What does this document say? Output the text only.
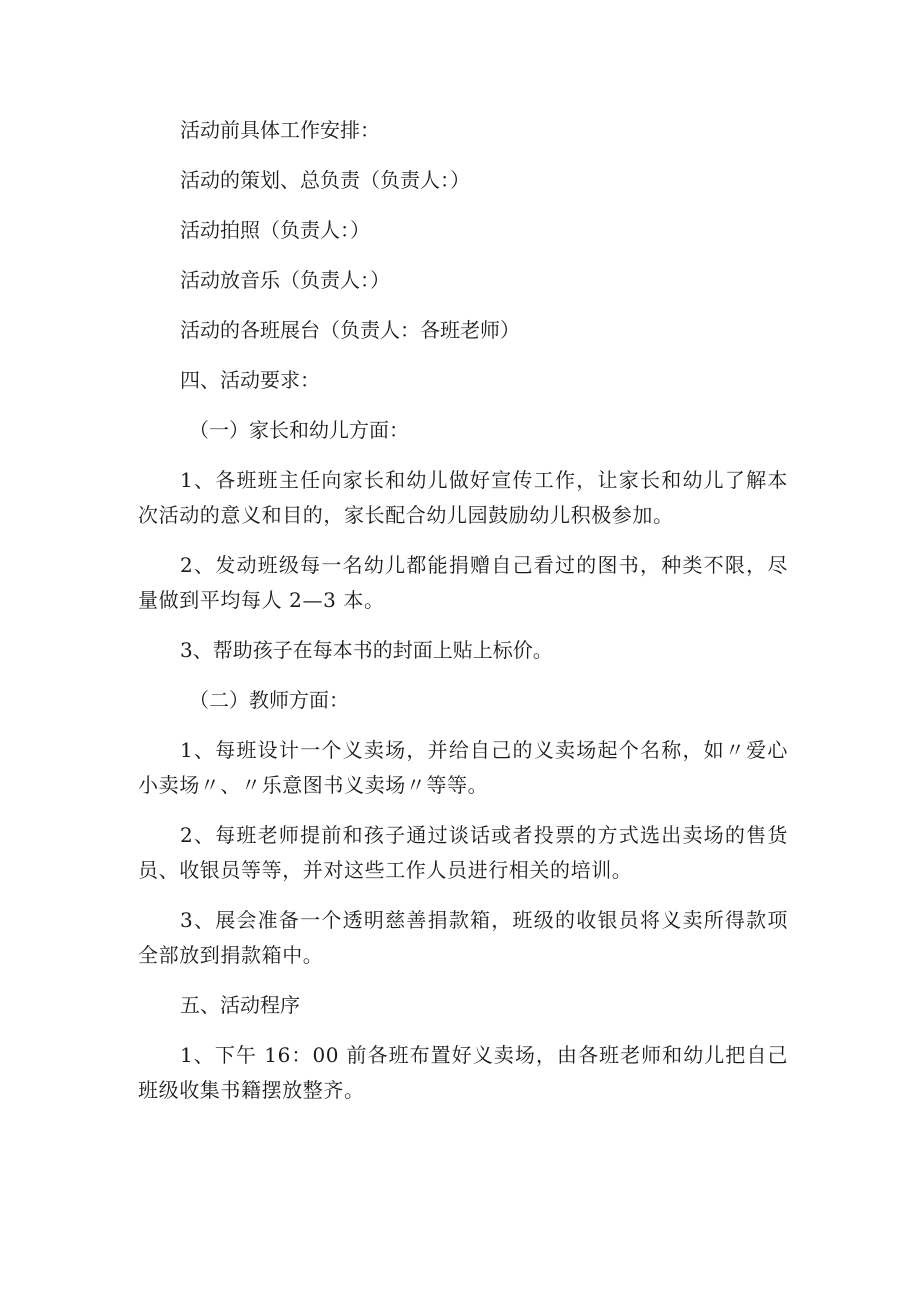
活动前具体工作安排：

活动的策划、总负责（负责人：）

活动拍照（负责人：）

活动放音乐（负责人：）

活动的各班展台（负责人：各班老师）

四、活动要求：

（一）家长和幼儿方面：

1、各班班主任向家长和幼儿做好宣传工作，让家长和幼儿了解本次活动的意义和目的，家长配合幼儿园鼓励幼儿积极参加。

2、发动班级每一名幼儿都能捐赠自己看过的图书，种类不限，尽量做到平均每人 2—3 本。

3、帮助孩子在每本书的封面上贴上标价。

（二）教师方面：

1、每班设计一个义卖场，并给自己的义卖场起个名称，如〃爱心小卖场〃、〃乐意图书义卖场〃等等。

2、每班老师提前和孩子通过谈话或者投票的方式选出卖场的售货员、收银员等等，并对这些工作人员进行相关的培训。

3、展会准备一个透明慈善捐款箱，班级的收银员将义卖所得款项全部放到捐款箱中。

五、活动程序

1、下午 16：00 前各班布置好义卖场，由各班老师和幼儿把自己班级收集书籍摆放整齐。
